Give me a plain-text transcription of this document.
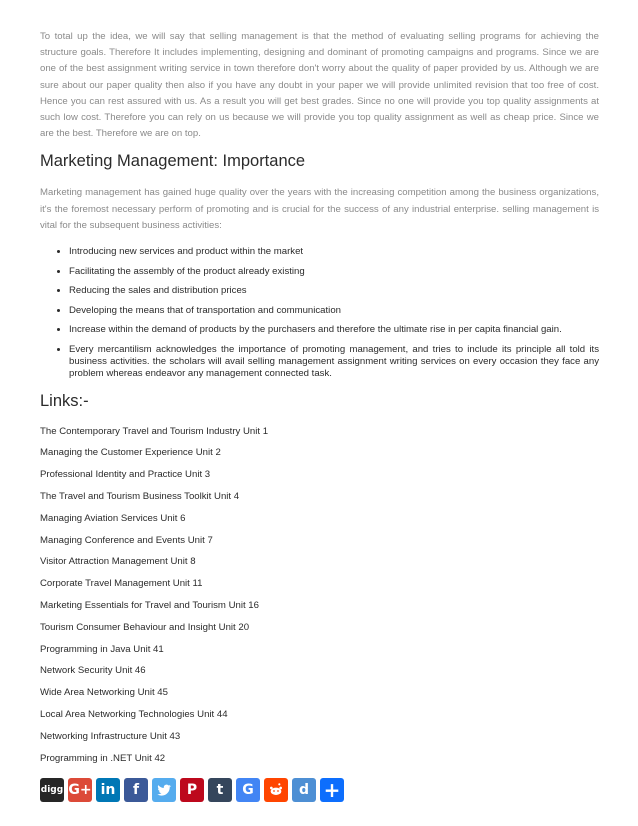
To total up the idea, we will say that selling management is that the method of evaluating selling programs for achieving the structure goals. Therefore It includes implementing, designing and dominant of promoting campaigns and programs. Since we are one of the best assignment writing service in town therefore don't worry about the quality of paper provided by us. Although we are sure about our paper quality then also if you have any doubt in your paper we will provide unlimited revision that too free of cost. Hence you can rest assured with us. As a result you will get best grades. Since no one will provide you top quality assignments at such low cost. Therefore you can rely on us because we will provide you top quality assignment as well as cheap price. Since we are the best. Therefore we are on top.

Marketing Management: Importance

Marketing management has gained huge quality over the years with the increasing competition among the business organizations, it's the foremost necessary perform of promoting and is crucial for the success of any industrial enterprise. selling management is vital for the subsequent business activities:

• Introducing new services and product within the market
• Facilitating the assembly of the product already existing
• Reducing the sales and distribution prices
• Developing the means that of transportation and communication
• Increase within the demand of products by the purchasers and therefore the ultimate rise in per capita financial gain.
• Every mercantilism acknowledges the importance of promoting management, and tries to include its principle all told its business activities. the scholars will avail selling management assignment writing services on every occasion they face any problem whereas endeavor any management connected task.
Links:-
The Contemporary Travel and Tourism Industry Unit 1
Managing the Customer Experience Unit 2
Professional Identity and Practice Unit 3
The Travel and Tourism Business Toolkit Unit 4
Managing Aviation Services Unit 6
Managing Conference and Events Unit 7
Visitor Attraction Management Unit 8
Corporate Travel Management Unit 11
Marketing Essentials for Travel and Tourism Unit 16
Tourism Consumer Behaviour and Insight Unit 20
Programming in Java Unit 41
Network Security Unit 46
Wide Area Networking Unit 45
Local Area Networking Technologies Unit 44
Networking Infrastructure Unit 43
Programming in .NET Unit 42
digg G+ in	f	P	t	G	d +
